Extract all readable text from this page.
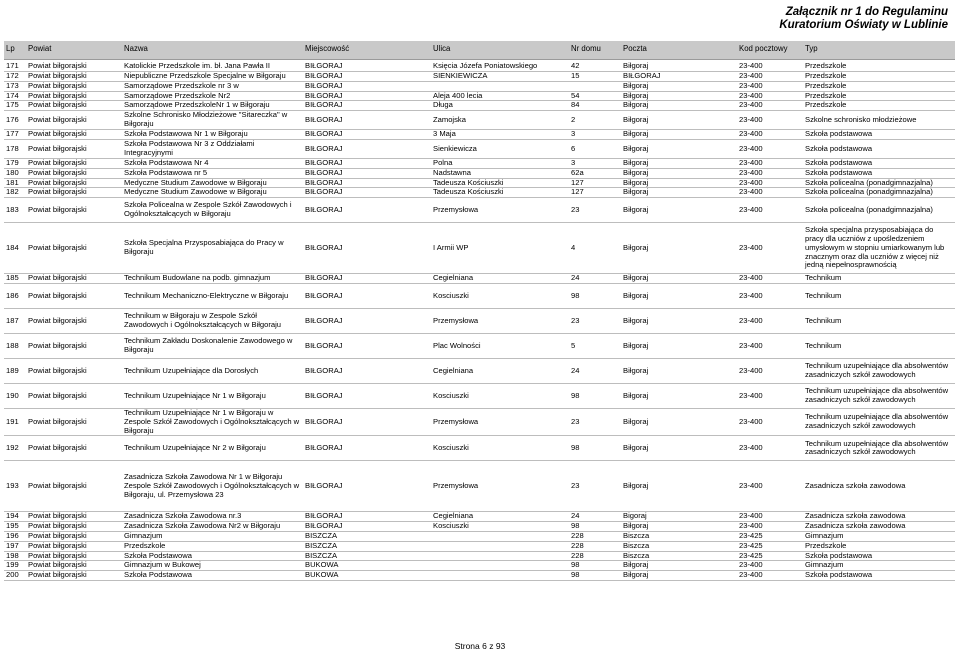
Załącznik nr 1 do Regulaminu
Kuratorium Oświaty w Lublinie
Lp	Powiat	Nazwa	Miejscowość	Ulica	Nr domu	Poczta	Kod pocztowy	Typ

171	Powiat biłgorajski	Katolickie Przedszkole im. bł. Jana Pawła II	BIŁGORAJ	Księcia Józefa Poniatowskiego	42	Biłgoraj	23-400	Przedszkole
172	Powiat biłgorajski	Niepubliczne Przedszkole Specjalne w Biłgoraju	BIŁGORAJ	SIENKIEWICZA	15	BIŁGORAJ	23-400	Przedszkole
173	Powiat biłgorajski	Samorządowe Przedszkole nr 3 w	BIŁGORAJ			Biłgoraj	23-400	Przedszkole
174	Powiat biłgorajski	Samorządowe Przedszkole Nr2	BIŁGORAJ	Aleja 400 lecia	54	Biłgoraj	23-400	Przedszkole
175	Powiat biłgorajski	Samorządowe PrzedszkoleNr 1 w Biłgoraju	BIŁGORAJ	Długa	84	Biłgoraj	23-400	Przedszkole
176	Powiat biłgorajski	Szkolne Schronisko Młodzieżowe "Sitareczka" w Biłgoraju	BIŁGORAJ	Zamojska	2	Biłgoraj	23-400	Szkolne schronisko młodzieżowe
177	Powiat biłgorajski	Szkoła Podstawowa Nr 1 w Biłgoraju	BIŁGORAJ	3 Maja	3	Biłgoraj	23-400	Szkoła podstawowa
178	Powiat biłgorajski	Szkoła Podstawowa Nr 3 z Oddziałami Integracyjnymi	BIŁGORAJ	Sienkiewicza	6	Biłgoraj	23-400	Szkoła podstawowa
179	Powiat biłgorajski	Szkoła Podstawowa Nr 4	BIŁGORAJ	Polna	3	Biłgoraj	23-400	Szkoła podstawowa
180	Powiat biłgorajski	Szkoła Podstawowa nr 5	BIŁGORAJ	Nadstawna	62a	Biłgoraj	23-400	Szkoła podstawowa
181	Powiat biłgorajski	Medyczne Studium Zawodowe w Biłgoraju	BIŁGORAJ	Tadeusza Kościuszki	127	Biłgoraj	23-400	Szkoła policealna (ponadgimnazjalna)
182	Powiat biłgorajski	Medyczne Studium Zawodowe w Biłgoraju	BIŁGORAJ	Tadeusza Kościuszki	127	Biłgoraj	23-400	Szkoła policealna (ponadgimnazjalna)
183	Powiat biłgorajski	Szkoła Policealna w Zespole Szkół Zawodowych i Ogólnokształcących w Biłgoraju	BIŁGORAJ	Przemysłowa	23	Biłgoraj	23-400	Szkoła policealna (ponadgimnazjalna)
184	Powiat biłgorajski	Szkoła Specjalna Przysposabiająca do Pracy w Biłgoraju	BIŁGORAJ	I Armii WP	4	Biłgoraj	23-400	Szkoła specjalna przysposabiająca do pracy dla uczniów z upośledzeniem umysłowym w stopniu umiarkowanym lub znacznym oraz dla uczniów z więcej niż jedną niepełnosprawnością
185	Powiat biłgorajski	Technikum Budowlane na podb. gimnazjum	BIŁGORAJ	Cegielniana	24	Biłgoraj	23-400	Technikum
186	Powiat biłgorajski	Technikum Mechaniczno-Elektryczne w Biłgoraju	BIŁGORAJ	Kosciuszki	98	Biłgoraj	23-400	Technikum
187	Powiat biłgorajski	Technikum w Biłgoraju w Zespole Szkół Zawodowych i Ogólnokształcących w Biłgoraju	BIŁGORAJ	Przemysłowa	23	Biłgoraj	23-400	Technikum
188	Powiat biłgorajski	Technikum Zakładu Doskonalenie Zawodowego w Biłgoraju	BIŁGORAJ	Plac Wolności	5	Biłgoraj	23-400	Technikum
189	Powiat biłgorajski	Technikum Uzupełniające dla Dorosłych	BIŁGORAJ	Cegielniana	24	Biłgoraj	23-400	Technikum uzupełniające dla absolwentów zasadniczych szkół zawodowych
190	Powiat biłgorajski	Technikum Uzupełniające Nr 1 w Biłgoraju	BIŁGORAJ	Kosciuszki	98	Biłgoraj	23-400	Technikum uzupełniające dla absolwentów zasadniczych szkół zawodowych
191	Powiat biłgorajski	Technikum Uzupełniające Nr 1 w Biłgoraju w Zespole Szkół Zawodowych i Ogólnokształcących w Biłgoraju	BIŁGORAJ	Przemysłowa	23	Biłgoraj	23-400	Technikum uzupełniające dla absolwentów zasadniczych szkół zawodowych
192	Powiat biłgorajski	Technikum Uzupełniające Nr 2 w Biłgoraju	BIŁGORAJ	Kosciuszki	98	Biłgoraj	23-400	Technikum uzupełniające dla absolwentów zasadniczych szkół zawodowych
193	Powiat biłgorajski	Zasadnicza Szkoła Zawodowa Nr 1 w Biłgoraju Zespole Szkół Zawodowych i Ogólnokształcących w Biłgoraju, ul. Przemysłowa 23	BIŁGORAJ	Przemysłowa	23	Biłgoraj	23-400	Zasadnicza szkoła zawodowa
194	Powiat biłgorajski	Zasadnicza Szkoła Zawodowa nr.3	BIŁGORAJ	Cegielniana	24	Bigoraj	23-400	Zasadnicza szkoła zawodowa
195	Powiat biłgorajski	Zasadnicza Szkoła Zawodowa Nr2 w Biłgoraju	BIŁGORAJ	Kosciuszki	98	Biłgoraj	23-400	Zasadnicza szkoła zawodowa
196	Powiat biłgorajski	Gimnazjum	BISZCZA		228	Biszcza	23-425	Gimnazjum
197	Powiat biłgorajski	Przedszkole	BISZCZA		228	Biszcza	23-425	Przedszkole
198	Powiat biłgorajski	Szkoła Podstawowa	BISZCZA		228	Biszcza	23-425	Szkoła podstawowa
199	Powiat biłgorajski	Gimnazjum w Bukowej	BUKOWA		98	Biłgoraj	23-400	Gimnazjum
200	Powiat biłgorajski	Szkoła Podstawowa	BUKOWA		98	Biłgoraj	23-400	Szkoła podstawowa
Strona 6 z 93
